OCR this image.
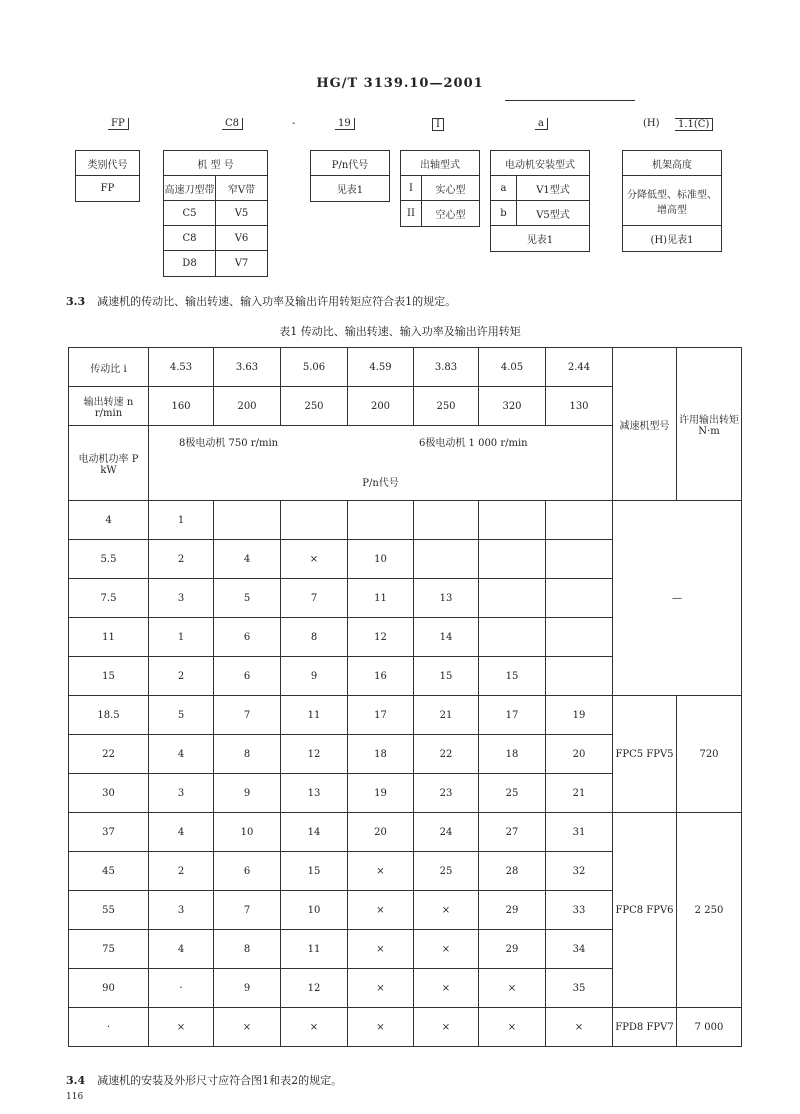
HG/T 3139.10—2001
FP	C8	-	19	I	a	(H)	1.1(C)
类别代号
FP
机 型 号
高速刀型带	窄V带
C5	V5
C8	V6
D8	V7
P/n代号
见表1
出轴型式
I	实心型
II	空心型
电动机安装型式
a	V1型式
b	V5型式
见表1
机架高度
分降低型、标准型、增高型
(H)见表1
3.3 减速机的传动比、输出转速、输入功率及输出许用转矩应符合表1的规定。
表1 传动比、输出转速、输入功率及输出许用转矩
传动比 i	4.53	3.63	5.06	4.59	3.83	4.05	2.44	减速机型号	许用输出转矩 N·m
输出转速 n r/min	160	200	250	200	250	320	130		
电动机功率 P kW	8极电动机 750 r/min 6极电动机 1 000 r/min
P/n代号								

4	1							—	
5.5	2	4	×	10					
7.5	3	5	7	11	13				
11	1	6	8	12	14				
15	2	6	9	16	15	15			
18.5	5	7	11	17	21	17	19	FPC5 FPV5	720
22	4	8	12	18	22	18	20		
30	3	9	13	19	23	25	21		
37	4	10	14	20	24	27	31	FPC8 FPV6	2 250
45	2	6	15	×	25	28	32		
55	3	7	10	×	×	29	33		
75	4	8	11	×	×	29	34		
90	·	9	12	×	×	×	35		
·	×	×	×	×	×	×	×	FPD8 FPV7	7 000
3.4 减速机的安装及外形尺寸应符合图1和表2的规定。
116
